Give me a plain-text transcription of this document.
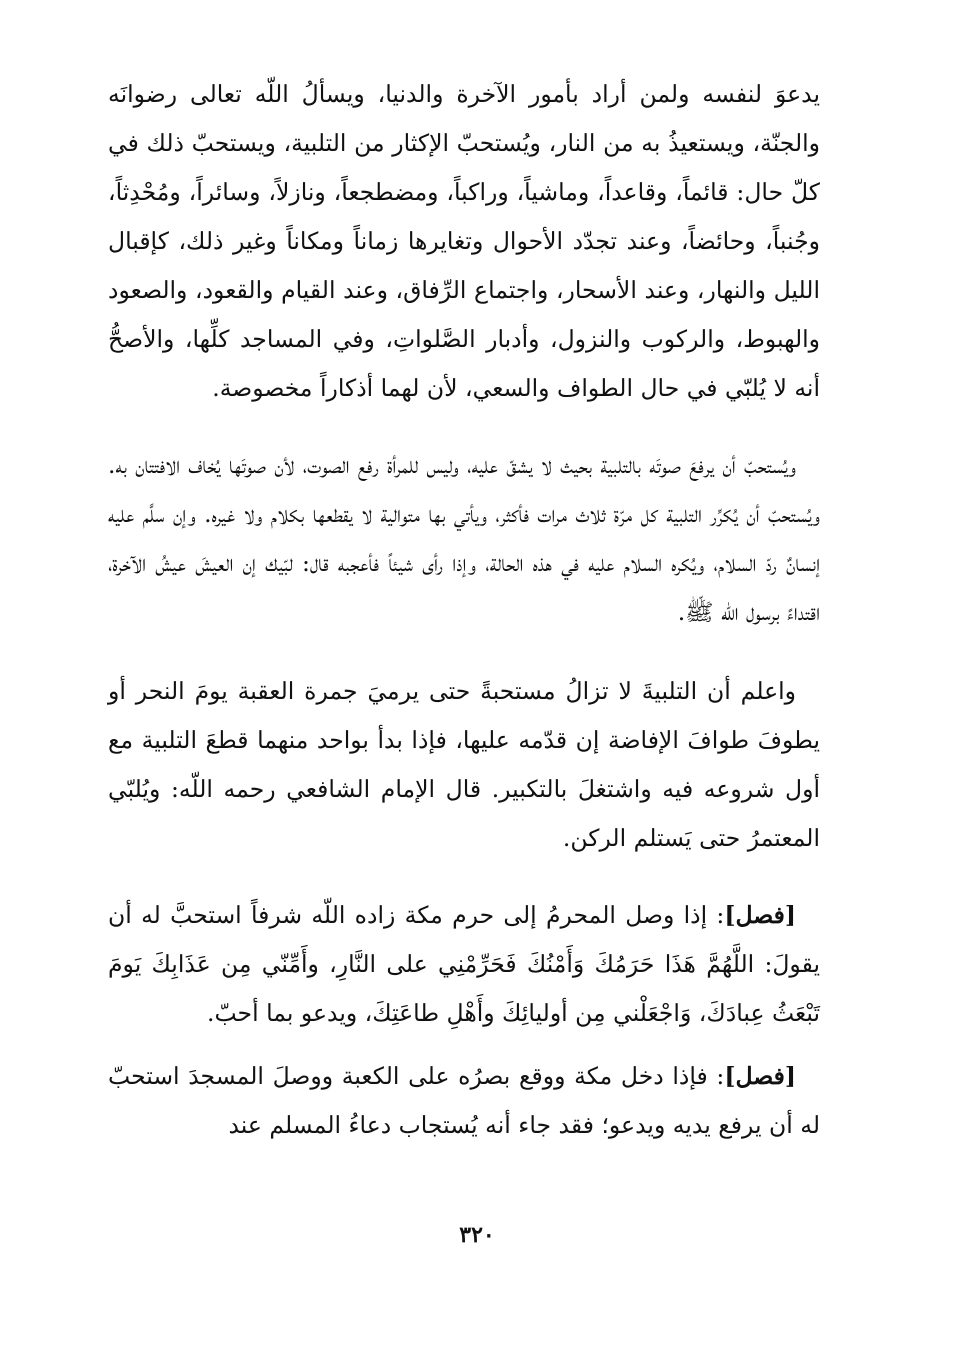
يدعوَ لنفسه ولمن أراد بأمور الآخرة والدنيا، ويسألُ اللّه تعالى رضوانَه والجنّة، ويستعيذُ به من النار، ويُستحبّ الإكثار من التلبية، ويستحبّ ذلك في كلّ حال: قائماً، وقاعداً، وماشياً، وراكباً، ومضطجعاً، ونازلاً، وسائراً، ومُحْدِثاً، وجُنباً، وحائضاً، وعند تجدّد الأحوال وتغايرها زماناً ومكاناً وغير ذلك، كإقبال الليل والنهار، وعند الأسحار، واجتماع الرِّفاق، وعند القيام والقعود، والصعود والهبوط، والركوب والنزول، وأدبار الصَّلواتِ، وفي المساجد كلِّها، والأصحُّ أنه لا يُلبّي في حال الطواف والسعي، لأن لهما أذكاراً مخصوصة.

ويُستحبّ أن يرفعَ صوتَه بالتلبية بحيث لا يشقّ عليه، وليس للمرأة رفع الصوت، لأن صوتَها يُخاف الافتتان به. ويُستحبّ أن يُكرِّر التلبية كل مرّة ثلاث مرات فأكثر، ويأتي بها متوالية لا يقطعها بكلام ولا غيره. وإن سلَّم عليه إنسانٌ ردّ السلام، ويُكره السلام عليه في هذه الحالة، وإذا رأى شيئاً فأعجبه قال: لبّيك إن العيشَ عيشُ الآخرة، اقتداءً برسول اللّه ﷺ.

واعلم أن التلبيةَ لا تزالُ مستحبةً حتى يرميَ جمرة العقبة يومَ النحر أو يطوفَ طوافَ الإفاضة إن قدّمه عليها، فإذا بدأ بواحد منهما قطعَ التلبية مع أول شروعه فيه واشتغلَ بالتكبير. قال الإمام الشافعي رحمه اللّه: ويُلبّي المعتمرُ حتى يَستلم الركن.

[فصل]: إذا وصل المحرمُ إلى حرم مكة زاده اللّه شرفاً استحبَّ له أن يقولَ: اللَّهُمَّ هَذَا حَرَمُكَ وَأَمْنُكَ فَحَرِّمْنِي على النَّارِ، وأَمِّنّي مِن عَذَابِكَ يَومَ تَبْعَثُ عِبادَكَ، وَاجْعَلْني مِن أوليائِكَ وأَهْلِ طاعَتِكَ، ويدعو بما أحبّ.

[فصل]: فإذا دخل مكة ووقع بصرُه على الكعبة ووصلَ المسجدَ استحبّ له أن يرفع يديه ويدعو؛ فقد جاء أنه يُستجاب دعاءُ المسلم عند

٣٢٠
